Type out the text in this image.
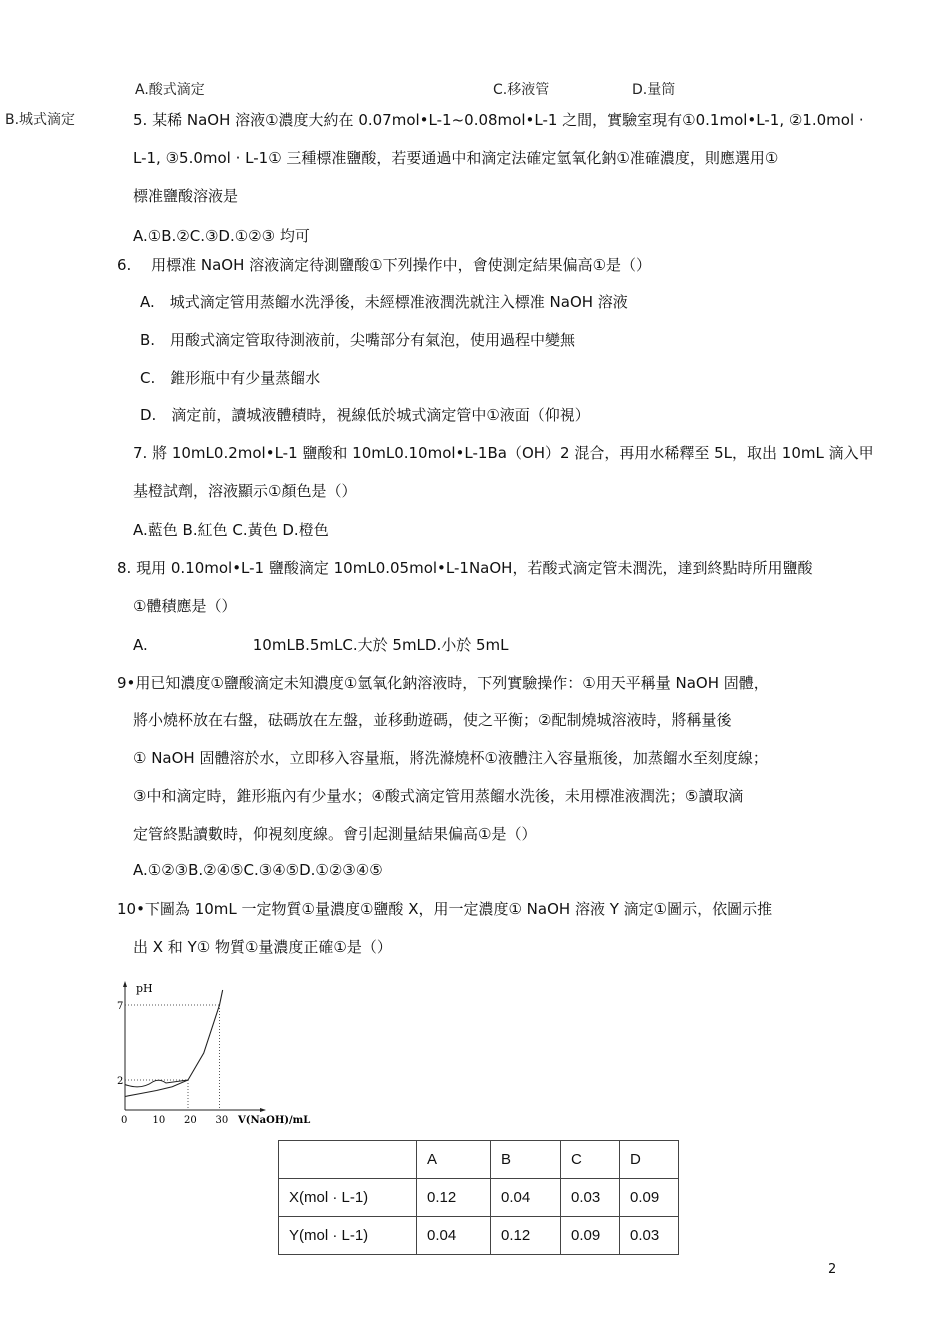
B.城式滴定
A.酸式滴定	C.移液管	D.量筒
5. 某稀 NaOH 溶液①濃度大約在 0.07mol•L-1~0.08mol•L-1 之間，實驗室現有①0.1mol•L-1, ②1.0mol ·
L-1, ③5.0mol · L-1① 三種標准鹽酸，若要通過中和滴定法確定氫氧化鈉①准確濃度，則應選用①
標准鹽酸溶液是
A.①B.②C.③D.①②③ 均可
6.　 用標准 NaOH 溶液滴定待測鹽酸①下列操作中，會使測定結果偏高①是（）
A.　城式滴定管用蒸餾水洗淨後，未經標准液潤洗就注入標准 NaOH 溶液
B.　用酸式滴定管取待測液前，尖嘴部分有氣泡，使用過程中變無
C.　錐形瓶中有少量蒸餾水
D.　滴定前，讀城液體積時，視線低於城式滴定管中①液面（仰視）
7. 將 10mL0.2mol•L-1 鹽酸和 10mL0.10mol•L-1Ba（OH）2 混合，再用水稀釋至 5L，取出 10mL 滴入甲
基橙試劑，溶液顯示①顏色是（）
A.藍色 B.紅色 C.黃色 D.橙色
8. 現用 0.10mol•L-1 鹽酸滴定 10mL0.05mol•L-1NaOH，若酸式滴定管未潤洗，達到終點時所用鹽酸
①體積應是（）
A.　　　　　　　10mLB.5mLC.大於 5mLD.小於 5mL
9•用已知濃度①鹽酸滴定未知濃度①氫氧化鈉溶液時，下列實驗操作：①用天平稱量 NaOH 固體，
將小燒杯放在右盤，砝碼放在左盤，並移動遊碼，使之平衡；②配制燒城溶液時，將稱量後
① NaOH 固體溶於水，立即移入容量瓶，將洗滌燒杯①液體注入容量瓶後，加蒸餾水至刻度線；
③中和滴定時，錐形瓶內有少量水；④酸式滴定管用蒸餾水洗後，未用標准液潤洗；⑤讀取滴
定管終點讀數時，仰視刻度線。會引起測量結果偏高①是（）
A.①②③B.②④⑤C.③④⑤D.①②③④⑤
10•下圖為 10mL 一定物質①量濃度①鹽酸 X，用一定濃度① NaOH 溶液 Y 滴定①圖示，依圖示推
出 X 和 Y① 物質①量濃度正確①是（）
0	10 20 30
2
7
pH
V(NaOH)/mL
	A	B	C	D
X(mol · L-1)	0.12	0.04	0.03	0.09
Y(mol · L-1)	0.04	0.12	0.09	0.03
2
